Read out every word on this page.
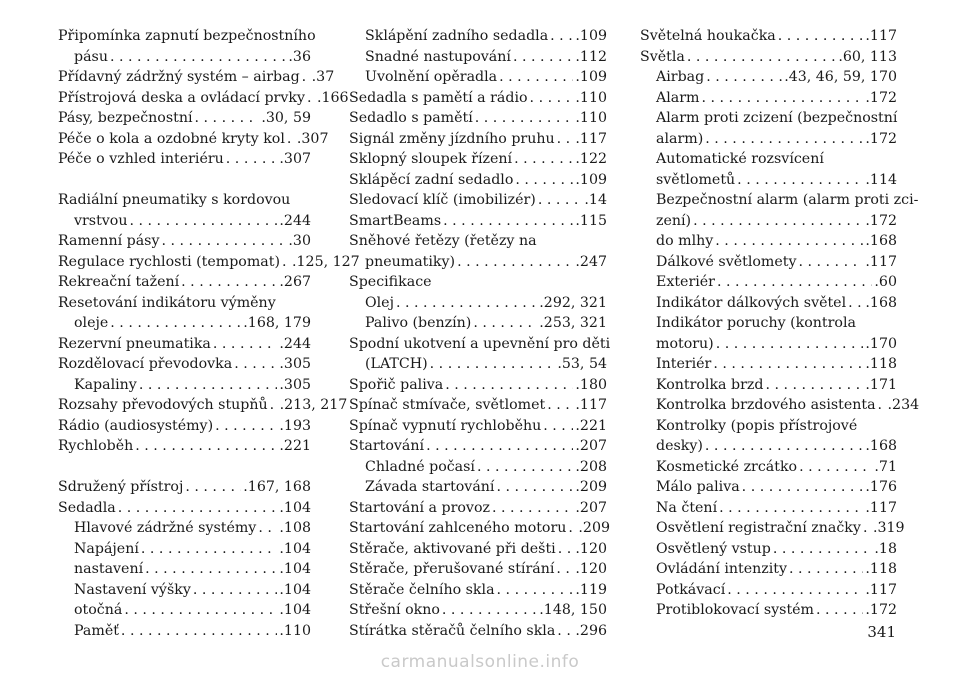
Připomínka zapnutí bezpečnostního
pásu . . .	.36
Přídavný zádržný systém – airbag . . . .37
Přístrojová deska a ovládací prvky . . . .166
Pásy, bezpečnostní . . .	.30, 59
Péče o kola a ozdobné kryty kol . . . .307
Péče o vzhled interiéru . . .	.307
Radiální pneumatiky s kordovou
vrstvou . . .	.244
Ramenní pásy . . .	.30
Regulace rychlosti (tempomat) . . . .125, 127
Rekreační tažení . . .	.267
Resetování indikátoru výměny
oleje . . .	.168, 179
Rezervní pneumatika . . .	.244
Rozdělovací převodovka . . .	.305
Kapaliny . . .	.305
Rozsahy převodových stupňů . . . .213, 217
Rádio (audiosystémy) . . .	.193
Rychloběh . . .	.221
Sdružený přístroj . . .	.167, 168
Sedadla . . .	.104
Hlavové zádržné systémy . . . .108
Napájení . . .	.104
nastavení . . .	.104
Nastavení výšky . . .	.104
otočná . . .	.104
Paměť . . .	.110
Sklápění zadního sedadla . . . .109
Snadné nastupování . . .	.112
Uvolnění opěradla . . .	.109
Sedadla s pamětí a rádio . . .	.110
Sedadlo s pamětí . . .	.110
Signál změny jízdního pruhu . . . .117
Sklopný sloupek řízení . . .	.122
Sklápěcí zadní sedadlo . . .	.109
Sledovací klíč (imobilizér) . . .	.14
SmartBeams . . .	.115
Sněhové řetězy (řetězy na
pneumatiky) . . .	.247
Specifikace
Olej . . .	.292, 321
Palivo (benzín) . . .	.253, 321
Spodní ukotvení a upevnění pro děti
(LATCH) . . .	.53, 54
Spořič paliva . . .	.180
Spínač stmívače, světlomet . . . .117
Spínač vypnutí rychloběhu . . . .221
Startování . . .	.207
Chladné počasí . . .	.208
Závada startování . . .	.209
Startování a provoz . . .	.207
Startování zahlceného motoru . . . .209
Stěrače, aktivované při dešti . . . .120
Stěrače, přerušované stírání . . . .120
Stěrače čelního skla . . .	.119
Střešní okno . . .	.148, 150
Stírátka stěračů čelního skla . . . .296
Světelná houkačka . . .	.117
Světla . . .	.60, 113
Airbag . . .	.43, 46, 59, 170
Alarm . . .	.172
Alarm proti zcizení (bezpečnostní
alarm) . . .	.172
Automatické rozsvícení
světlometů . . .	.114
Bezpečnostní alarm (alarm proti zci-
zení) . . .	.172
do mlhy . . .	.168
Dálkové světlomety . . .	.117
Exteriér . . .	.60
Indikátor dálkových světel . . . .168
Indikátor poruchy (kontrola
motoru) . . .	.170
Interiér . . .	.118
Kontrolka brzd . . .	.171
Kontrolka brzdového asistenta . . . .234
Kontrolky (popis přístrojové
desky) . . .	.168
Kosmetické zrcátko . . .	.71
Málo paliva . . .	.176
Na čtení . . .	.117
Osvětlení registrační značky . . . .319
Osvětlený vstup . . .	.18
Ovládání intenzity . . .	.118
Potkávací . . .	.117
Protiblokovací systém . . .	.172
341
carmanualsonline.info
